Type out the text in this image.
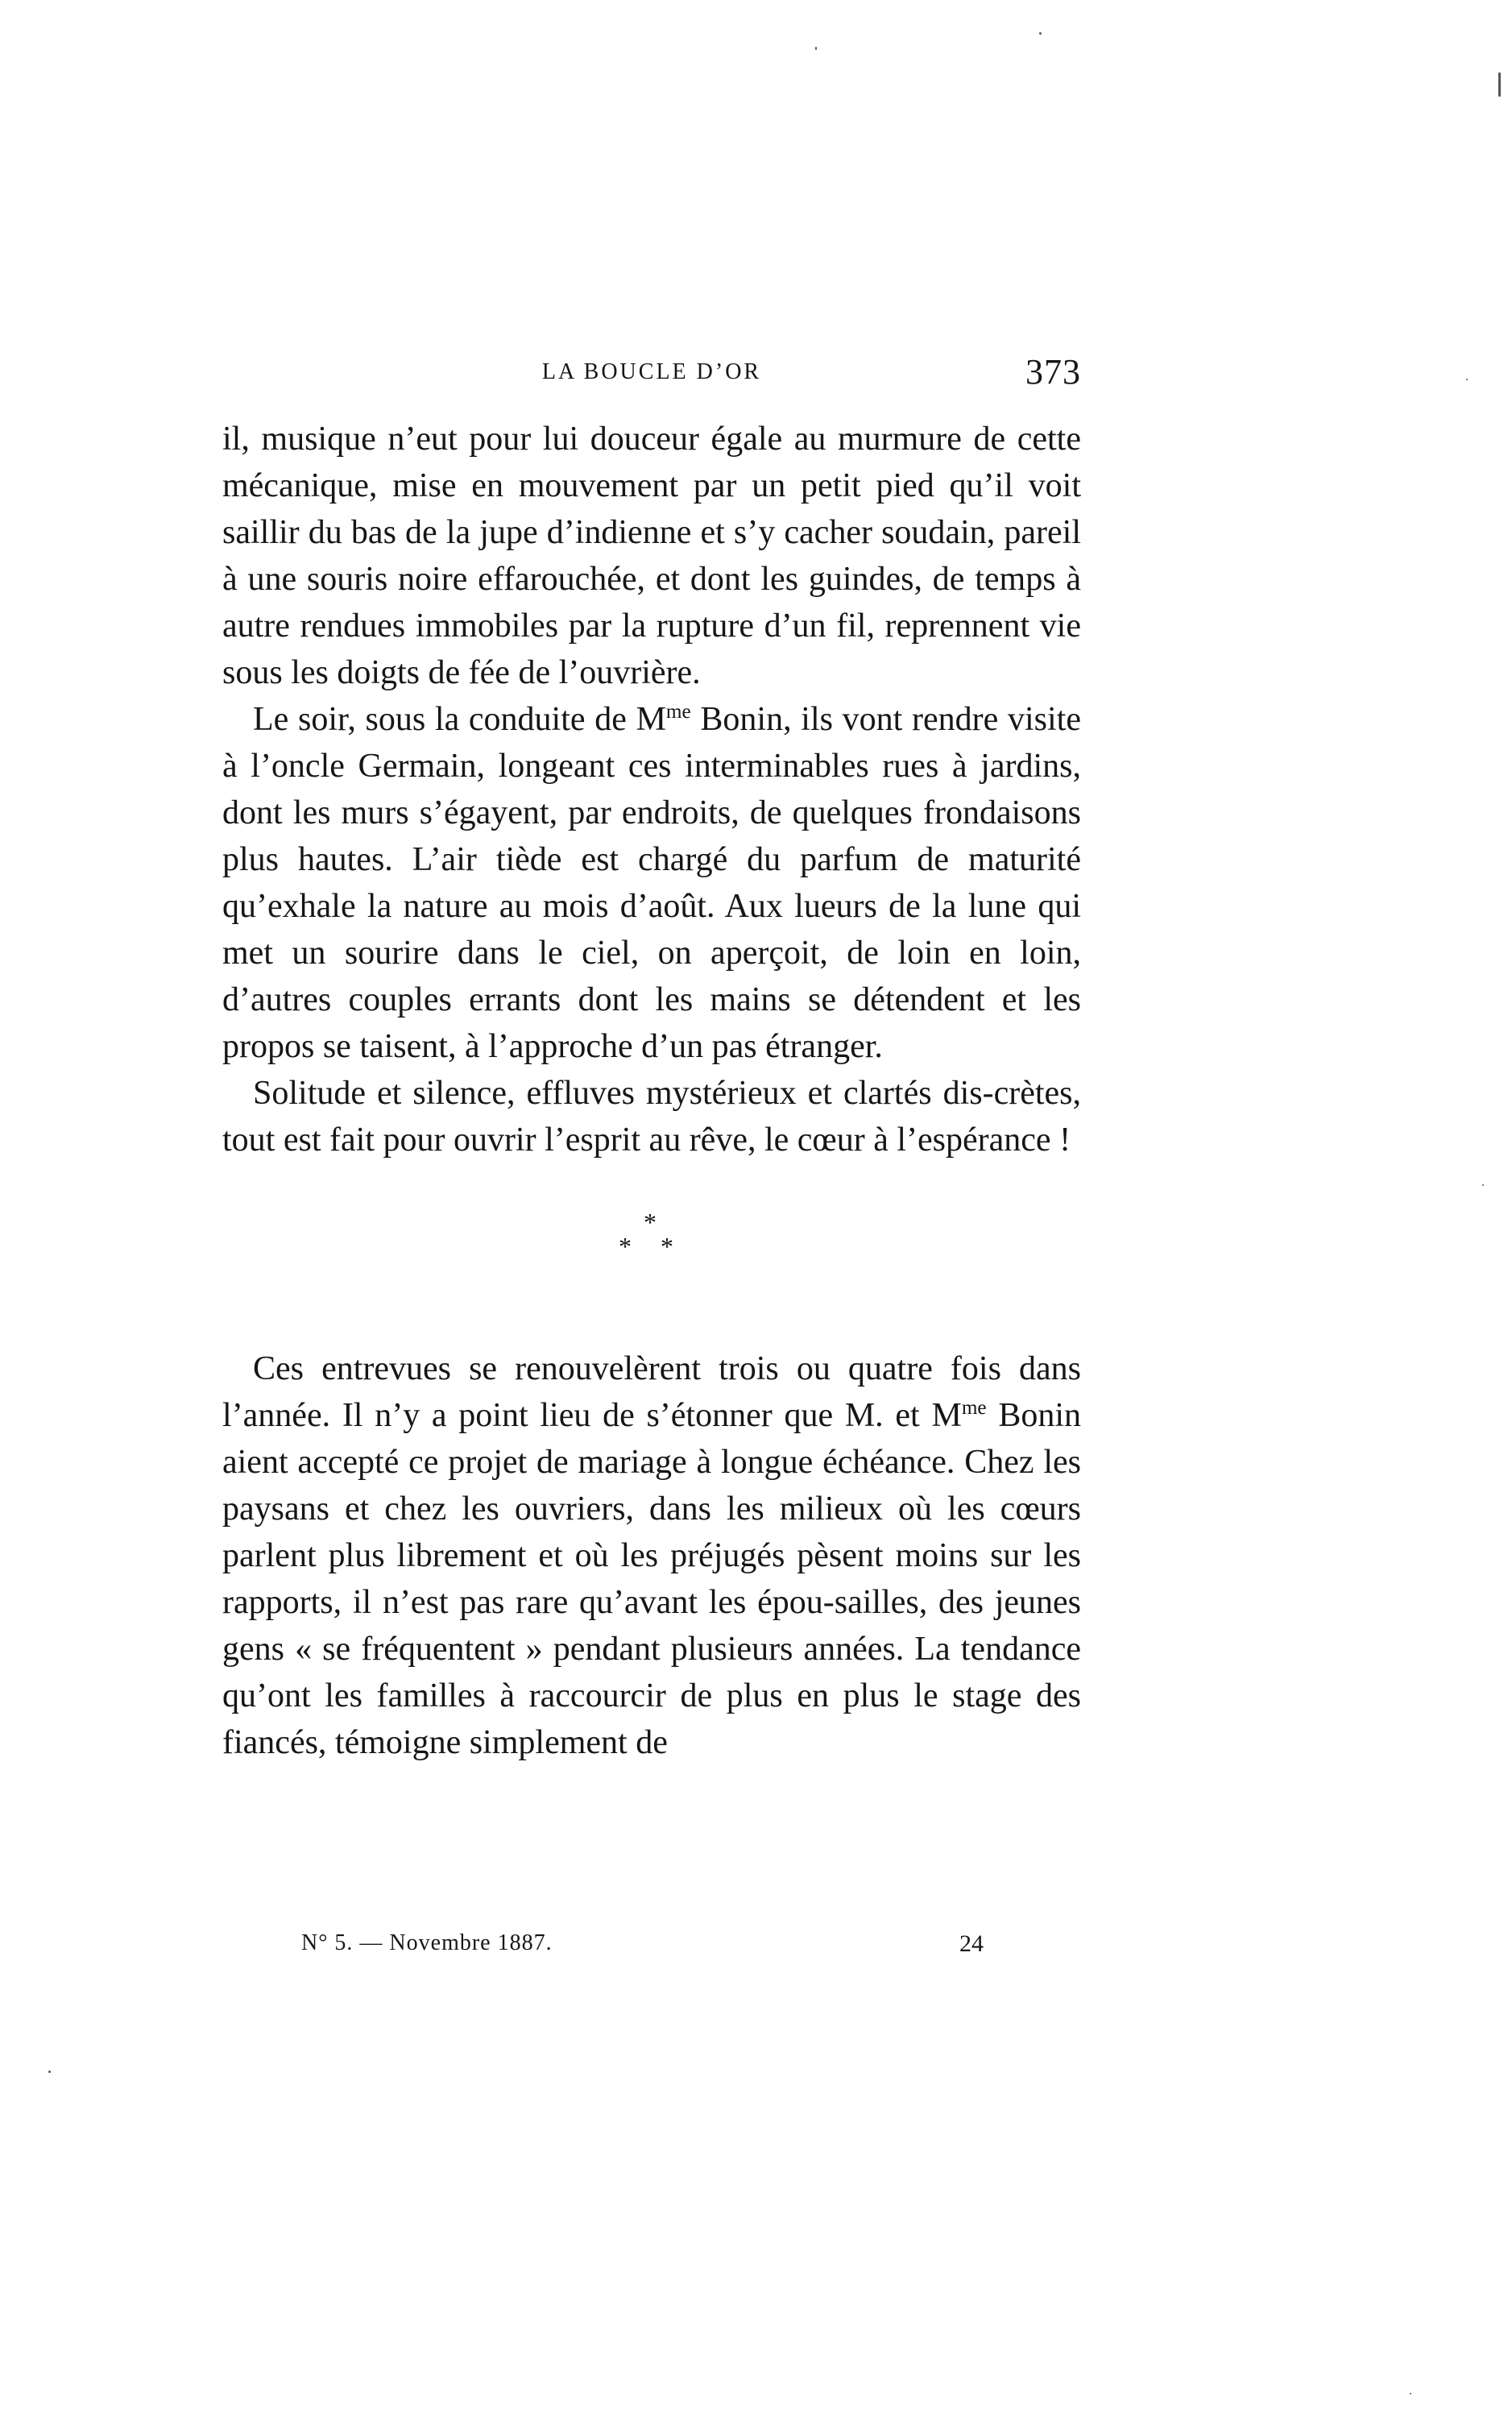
LA BOUCLE D’OR	373

il, musique n’eut pour lui douceur égale au murmure de cette mécanique, mise en mouvement par un petit pied qu’il voit saillir du bas de la jupe d’indienne et s’y cacher soudain, pareil à une souris noire effarouchée, et dont les guindes, de temps à autre rendues immobiles par la rupture d’un fil, reprennent vie sous les doigts de fée de l’ouvrière.

Le soir, sous la conduite de $M^{me}$ Bonin, ils vont rendre visite à l’oncle Germain, longeant ces interminables rues à jardins, dont les murs s’égayent, par endroits, de quelques frondaisons plus hautes. L’air tiède est chargé du parfum de maturité qu’exhale la nature au mois d’août. Aux lueurs de la lune qui met un sourire dans le ciel, on aperçoit, de loin en loin, d’autres couples errants dont les mains se détendent et les propos se taisent, à l’approche d’un pas étranger.

Solitude et silence, effluves mystérieux et clartés dis-crètes, tout est fait pour ouvrir l’esprit au rêve, le cœur à l’espérance !

*
* *

Ces entrevues se renouvelèrent trois ou quatre fois dans l’année. Il n’y a point lieu de s’étonner que M. et $M^{me}$ Bonin aient accepté ce projet de mariage à longue échéance. Chez les paysans et chez les ouvriers, dans les milieux où les cœurs parlent plus librement et où les préjugés pèsent moins sur les rapports, il n’est pas rare qu’avant les épou-sailles, des jeunes gens « se fréquentent » pendant plusieurs années. La tendance qu’ont les familles à raccourcir de plus en plus le stage des fiancés, témoigne simplement de

N° 5. — Novembre 1887.	24
